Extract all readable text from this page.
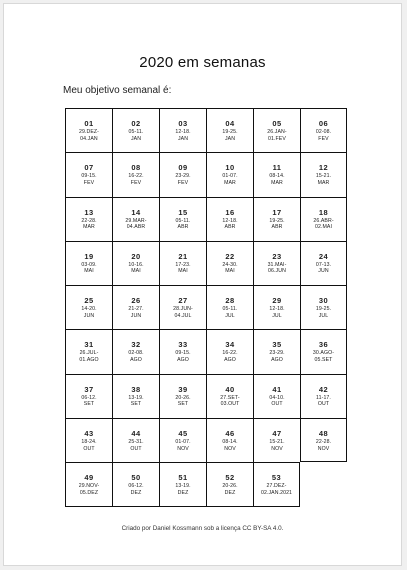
2020 em semanas
Meu objetivo semanal é:
01
29.DEZ-
04.JAN
02
05-11.
JAN
03
12-18.
JAN
04
19-25.
JAN
05
26.JAN-
01.FEV
06
02-08.
FEV
07
09-15.
FEV
08
16-22.
FEV
09
23-29.
FEV
10
01-07.
MAR
11
08-14.
MAR
12
15-21.
MAR
13
22-28.
MAR
14
29.MAR-
04.ABR
15
05-11.
ABR
16
12-18.
ABR
17
19-25.
ABR
18
26.ABR-
02.MAI
19
03-09.
MAI
20
10-16.
MAI
21
17-23.
MAI
22
24-30.
MAI
23
31.MAI-
06.JUN
24
07-13.
JUN
25
14-20.
JUN
26
21-27.
JUN
27
28.JUN-
04.JUL
28
05-11.
JUL
29
12-18.
JUL
30
19-25.
JUL
31
26.JUL-
01.AGO
32
02-08.
AGO
33
09-15.
AGO
34
16-22.
AGO
35
23-29.
AGO
36
30.AGO-
05.SET
37
06-12.
SET
38
13-19.
SET
39
20-26.
SET
40
27.SET-
03.OUT
41
04-10.
OUT
42
11-17.
OUT
43
18-24.
OUT
44
25-31.
OUT
45
01-07.
NOV
46
08-14.
NOV
47
15-21.
NOV
48
22-28.
NOV
49
29.NOV-
05.DEZ
50
06-12.
DEZ
51
13-19.
DEZ
52
20-26.
DEZ
53
27.DEZ-
02.JAN.2021
Criado por Daniel Kossmann sob a licença CC BY-SA 4.0.
